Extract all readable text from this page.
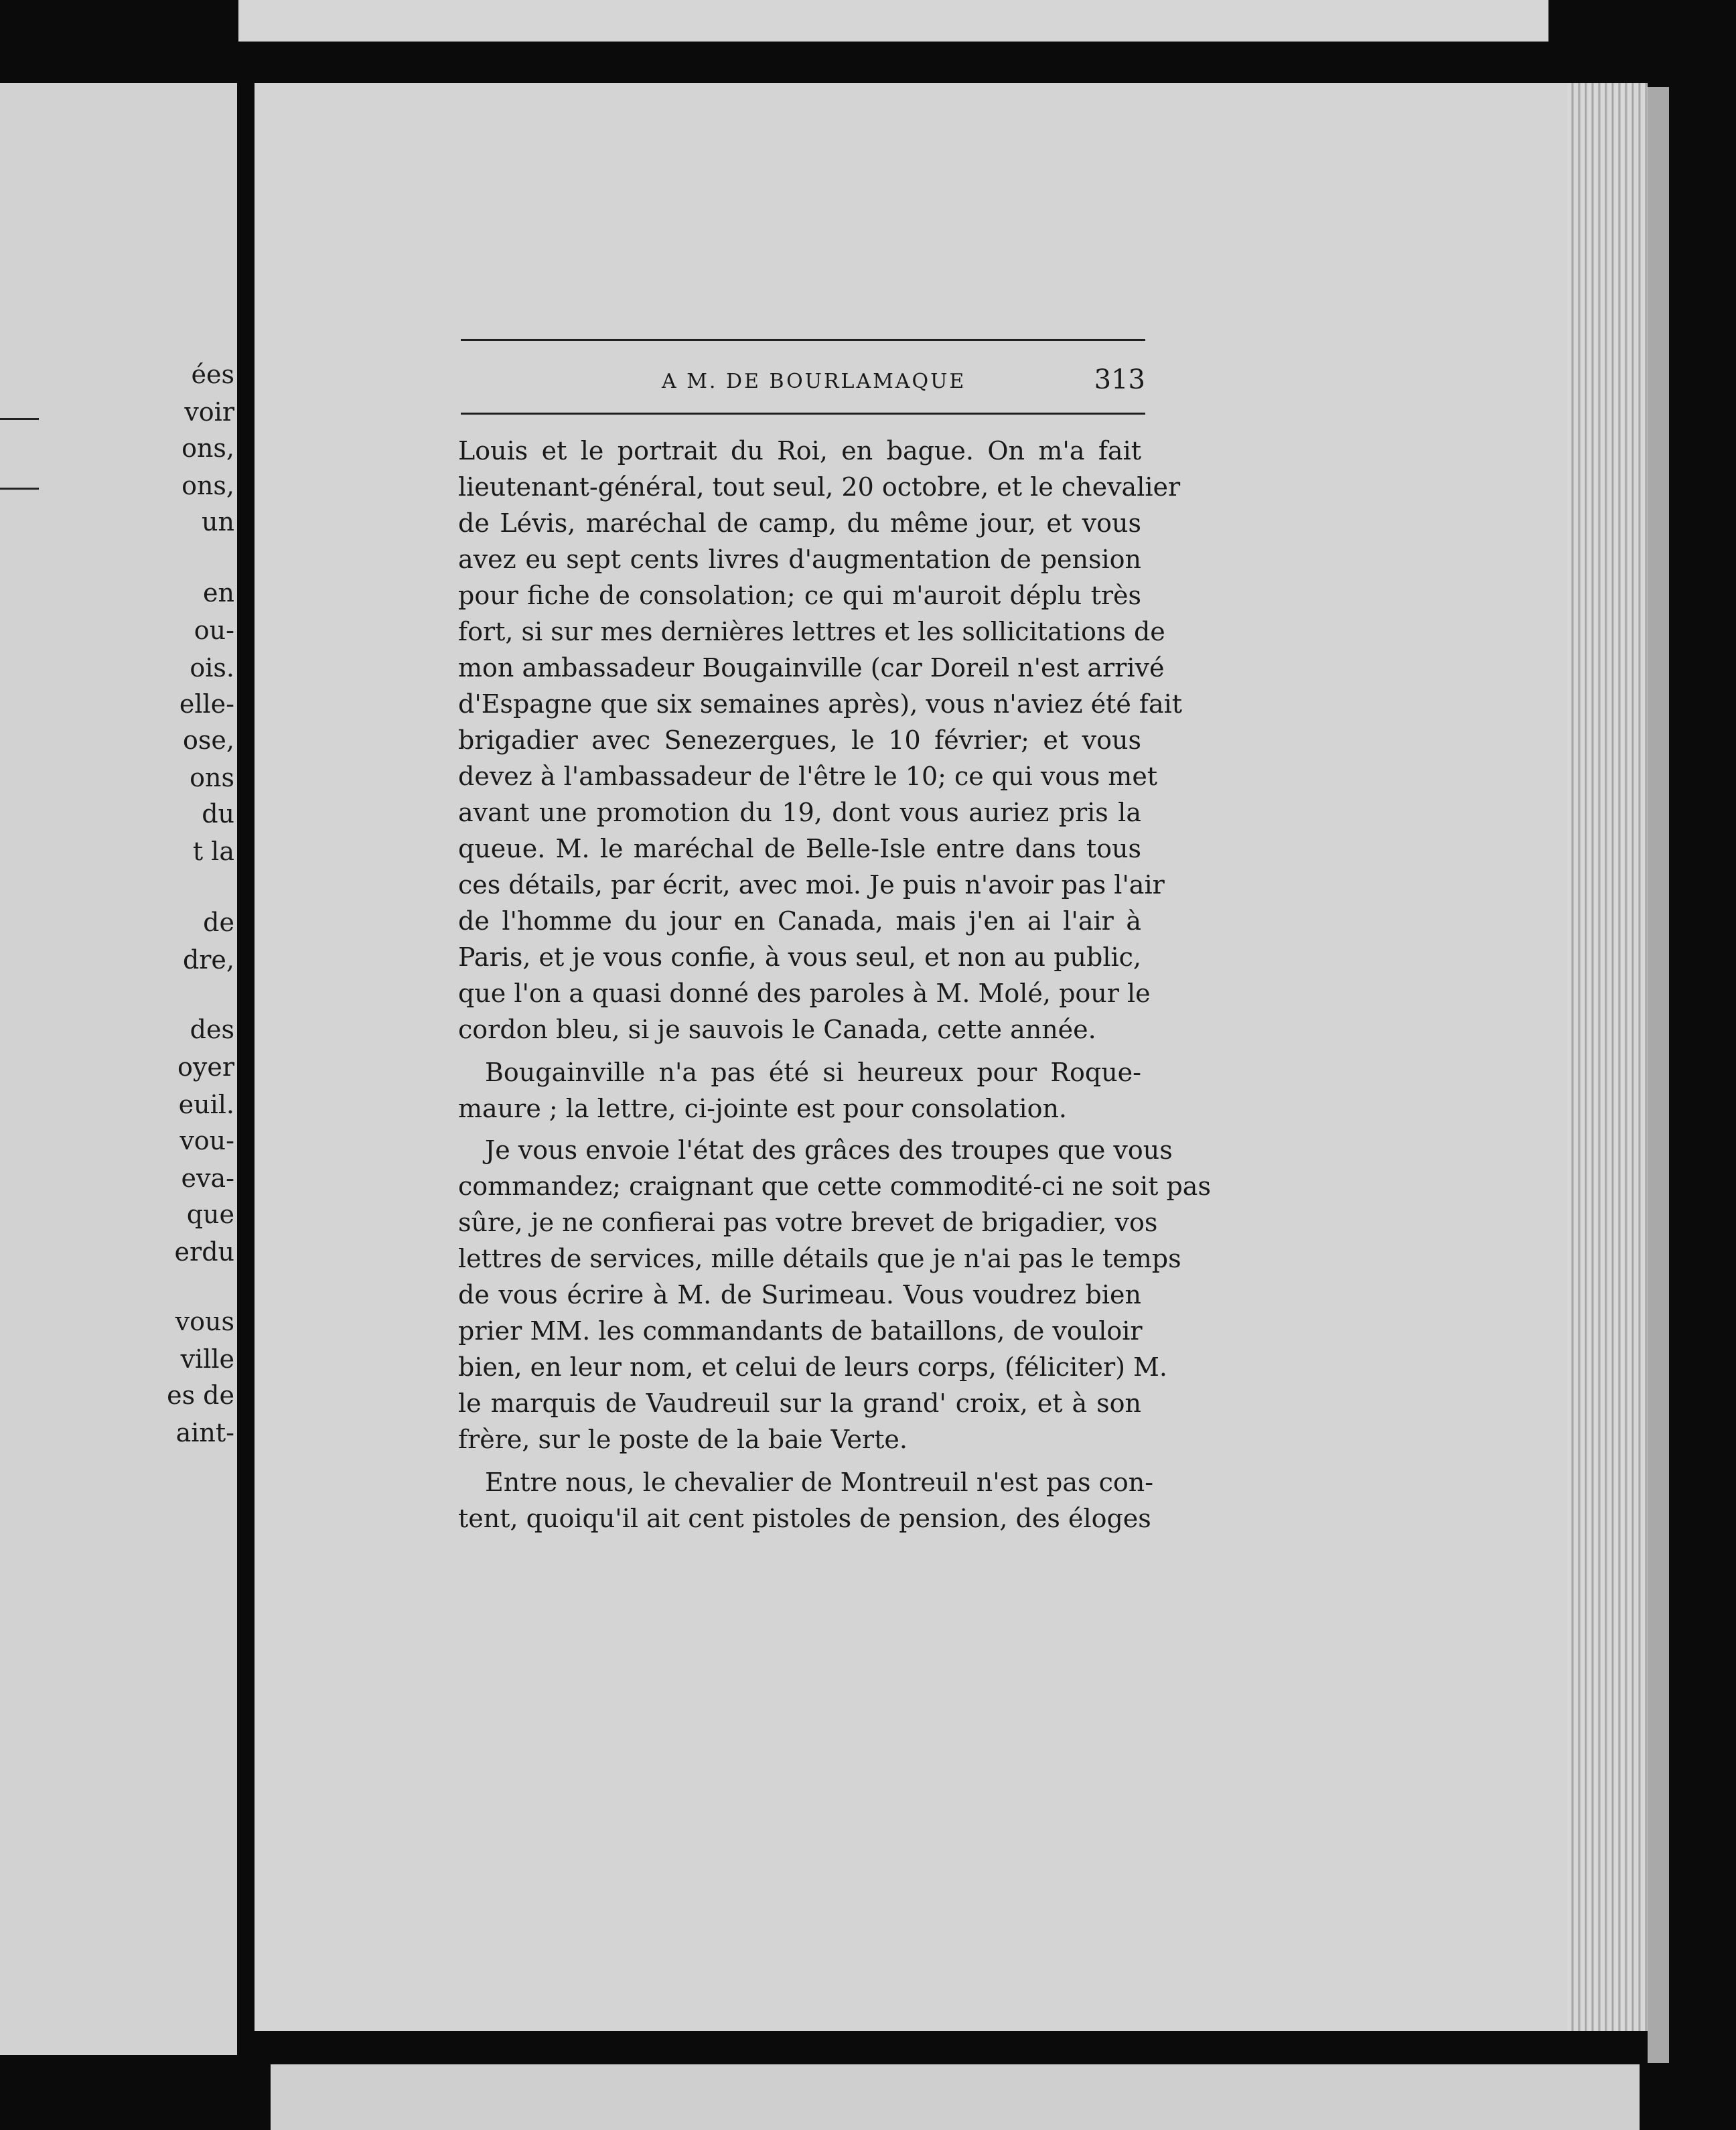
ées
voir
ons,
ons,
un
en
ou-
ois.
elle-
ose,
ons
du
t la
de
dre,
des
oyer
euil.
vou-
eva-
que
erdu
vous
ville
es de
aint-
A M. DE BOURLAMAQUE	313
Louis et le portrait du Roi, en bague. On m'a fait
lieutenant-général, tout seul, 20 octobre, et le chevalier
de Lévis, maréchal de camp, du même jour, et vous
avez eu sept cents livres d'augmentation de pension
pour fiche de consolation; ce qui m'auroit déplu très
fort, si sur mes dernières lettres et les sollicitations de
mon ambassadeur Bougainville (car Doreil n'est arrivé
d'Espagne que six semaines après), vous n'aviez été fait
brigadier avec Senezergues, le 10 février; et vous
devez à l'ambassadeur de l'être le 10; ce qui vous met
avant une promotion du 19, dont vous auriez pris la
queue. M. le maréchal de Belle-Isle entre dans tous
ces détails, par écrit, avec moi. Je puis n'avoir pas l'air
de l'homme du jour en Canada, mais j'en ai l'air à
Paris, et je vous confie, à vous seul, et non au public,
que l'on a quasi donné des paroles à M. Molé, pour le
cordon bleu, si je sauvois le Canada, cette année.
Bougainville n'a pas été si heureux pour Roque-
maure ; la lettre, ci-jointe est pour consolation.
Je vous envoie l'état des grâces des troupes que vous
commandez; craignant que cette commodité-ci ne soit pas
sûre, je ne confierai pas votre brevet de brigadier, vos
lettres de services, mille détails que je n'ai pas le temps
de vous écrire à M. de Surimeau. Vous voudrez bien
prier MM. les commandants de bataillons, de vouloir
bien, en leur nom, et celui de leurs corps, (féliciter) M.
le marquis de Vaudreuil sur la grand' croix, et à son
frère, sur le poste de la baie Verte.
Entre nous, le chevalier de Montreuil n'est pas con-
tent, quoiqu'il ait cent pistoles de pension, des éloges
